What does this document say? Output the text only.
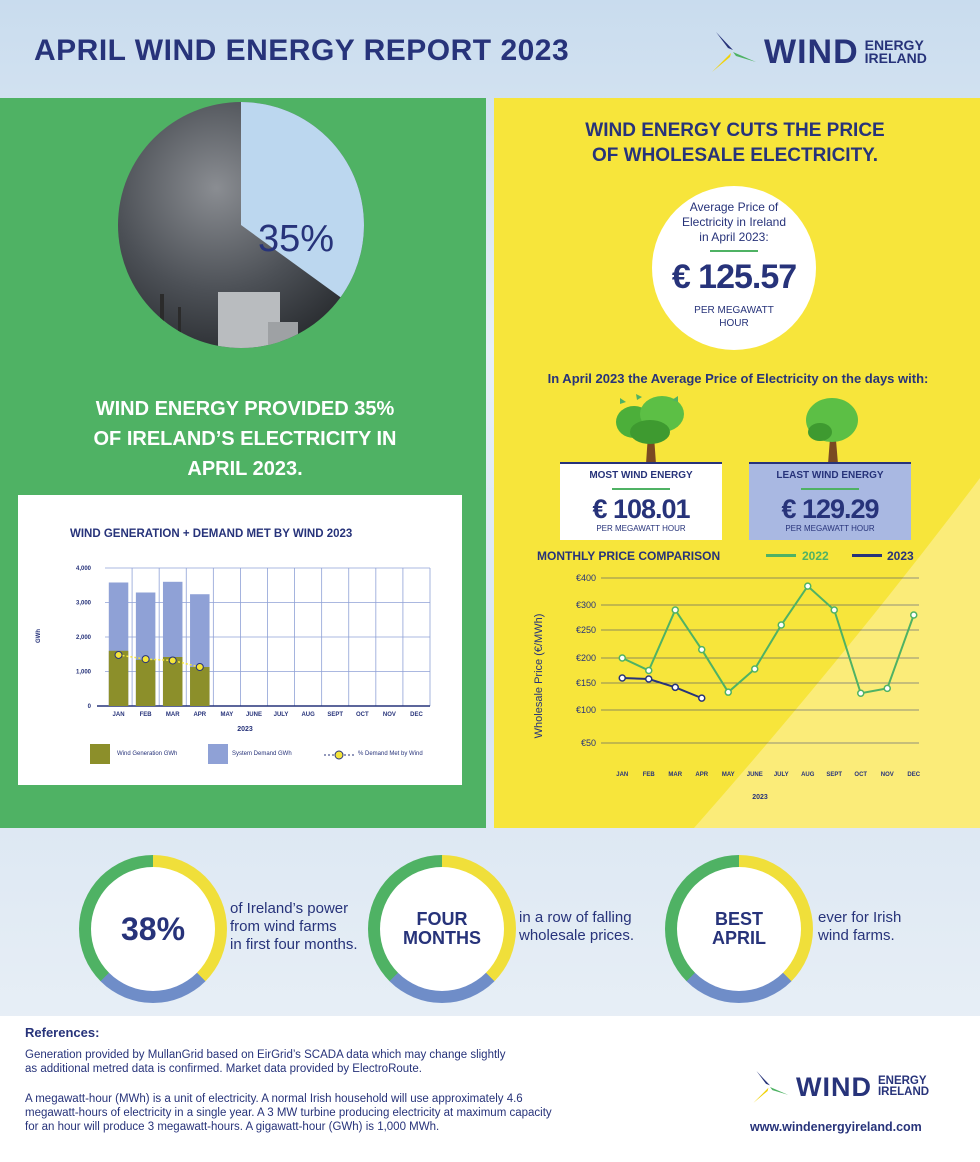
APRIL WIND ENERGY REPORT 2023	WIND ENERGY
IRELAND
35%
WIND ENERGY PROVIDED 35%
OF IRELAND’S ELECTRICITY IN
APRIL 2023.
WIND GENERATION + DEMAND MET BY WIND 2023
2023
GWh
0
1,000
2,000
3,000
4,000
JAN	FEB MAR APR MAY JUNE JULY AUG SEPT OCT NOV DEC
Wind Generation GWh	System Demand GWh	% Demand Met by Wind
WIND ENERGY CUTS THE PRICE
OF WHOLESALE ELECTRICITY.
Average Price of
Electricity in Ireland
in April 2023:
€ 125.57
PER MEGAWATT
HOUR
In April 2023 the Average Price of Electricity on the days with:
MOST WIND ENERGY
€ 108.01
PER MEGAWATT HOUR
LEAST WIND ENERGY
€ 129.29
PER MEGAWATT HOUR
MONTHLY PRICE COMPARISON	2022	2023
Wholesale Price (€/MWh)
2023
€50
€100
€150
€200
€250
€300
€400
JAN FEB MAR APR MAY JUNE JULY AUG SEPT OCT NOV DEC
38%
of Ireland’s power
from wind farms
in first four months.
FOUR
MONTHS
in a row of falling
wholesale prices.
BEST
APRIL
ever for Irish
wind farms.
References:
Generation provided by MullanGrid based on EirGrid’s SCADA data which may change slightly
as additional metred data is confirmed. Market data provided by ElectroRoute.
A megawatt-hour (MWh) is a unit of electricity. A normal Irish household will use approximately 4.6
megawatt-hours of electricity in a single year. A 3 MW turbine producing electricity at maximum capacity
for an hour will produce 3 megawatt-hours. A gigawatt-hour (GWh) is 1,000 MWh.
WIND ENERGY
IRELAND
www.windenergyireland.com
